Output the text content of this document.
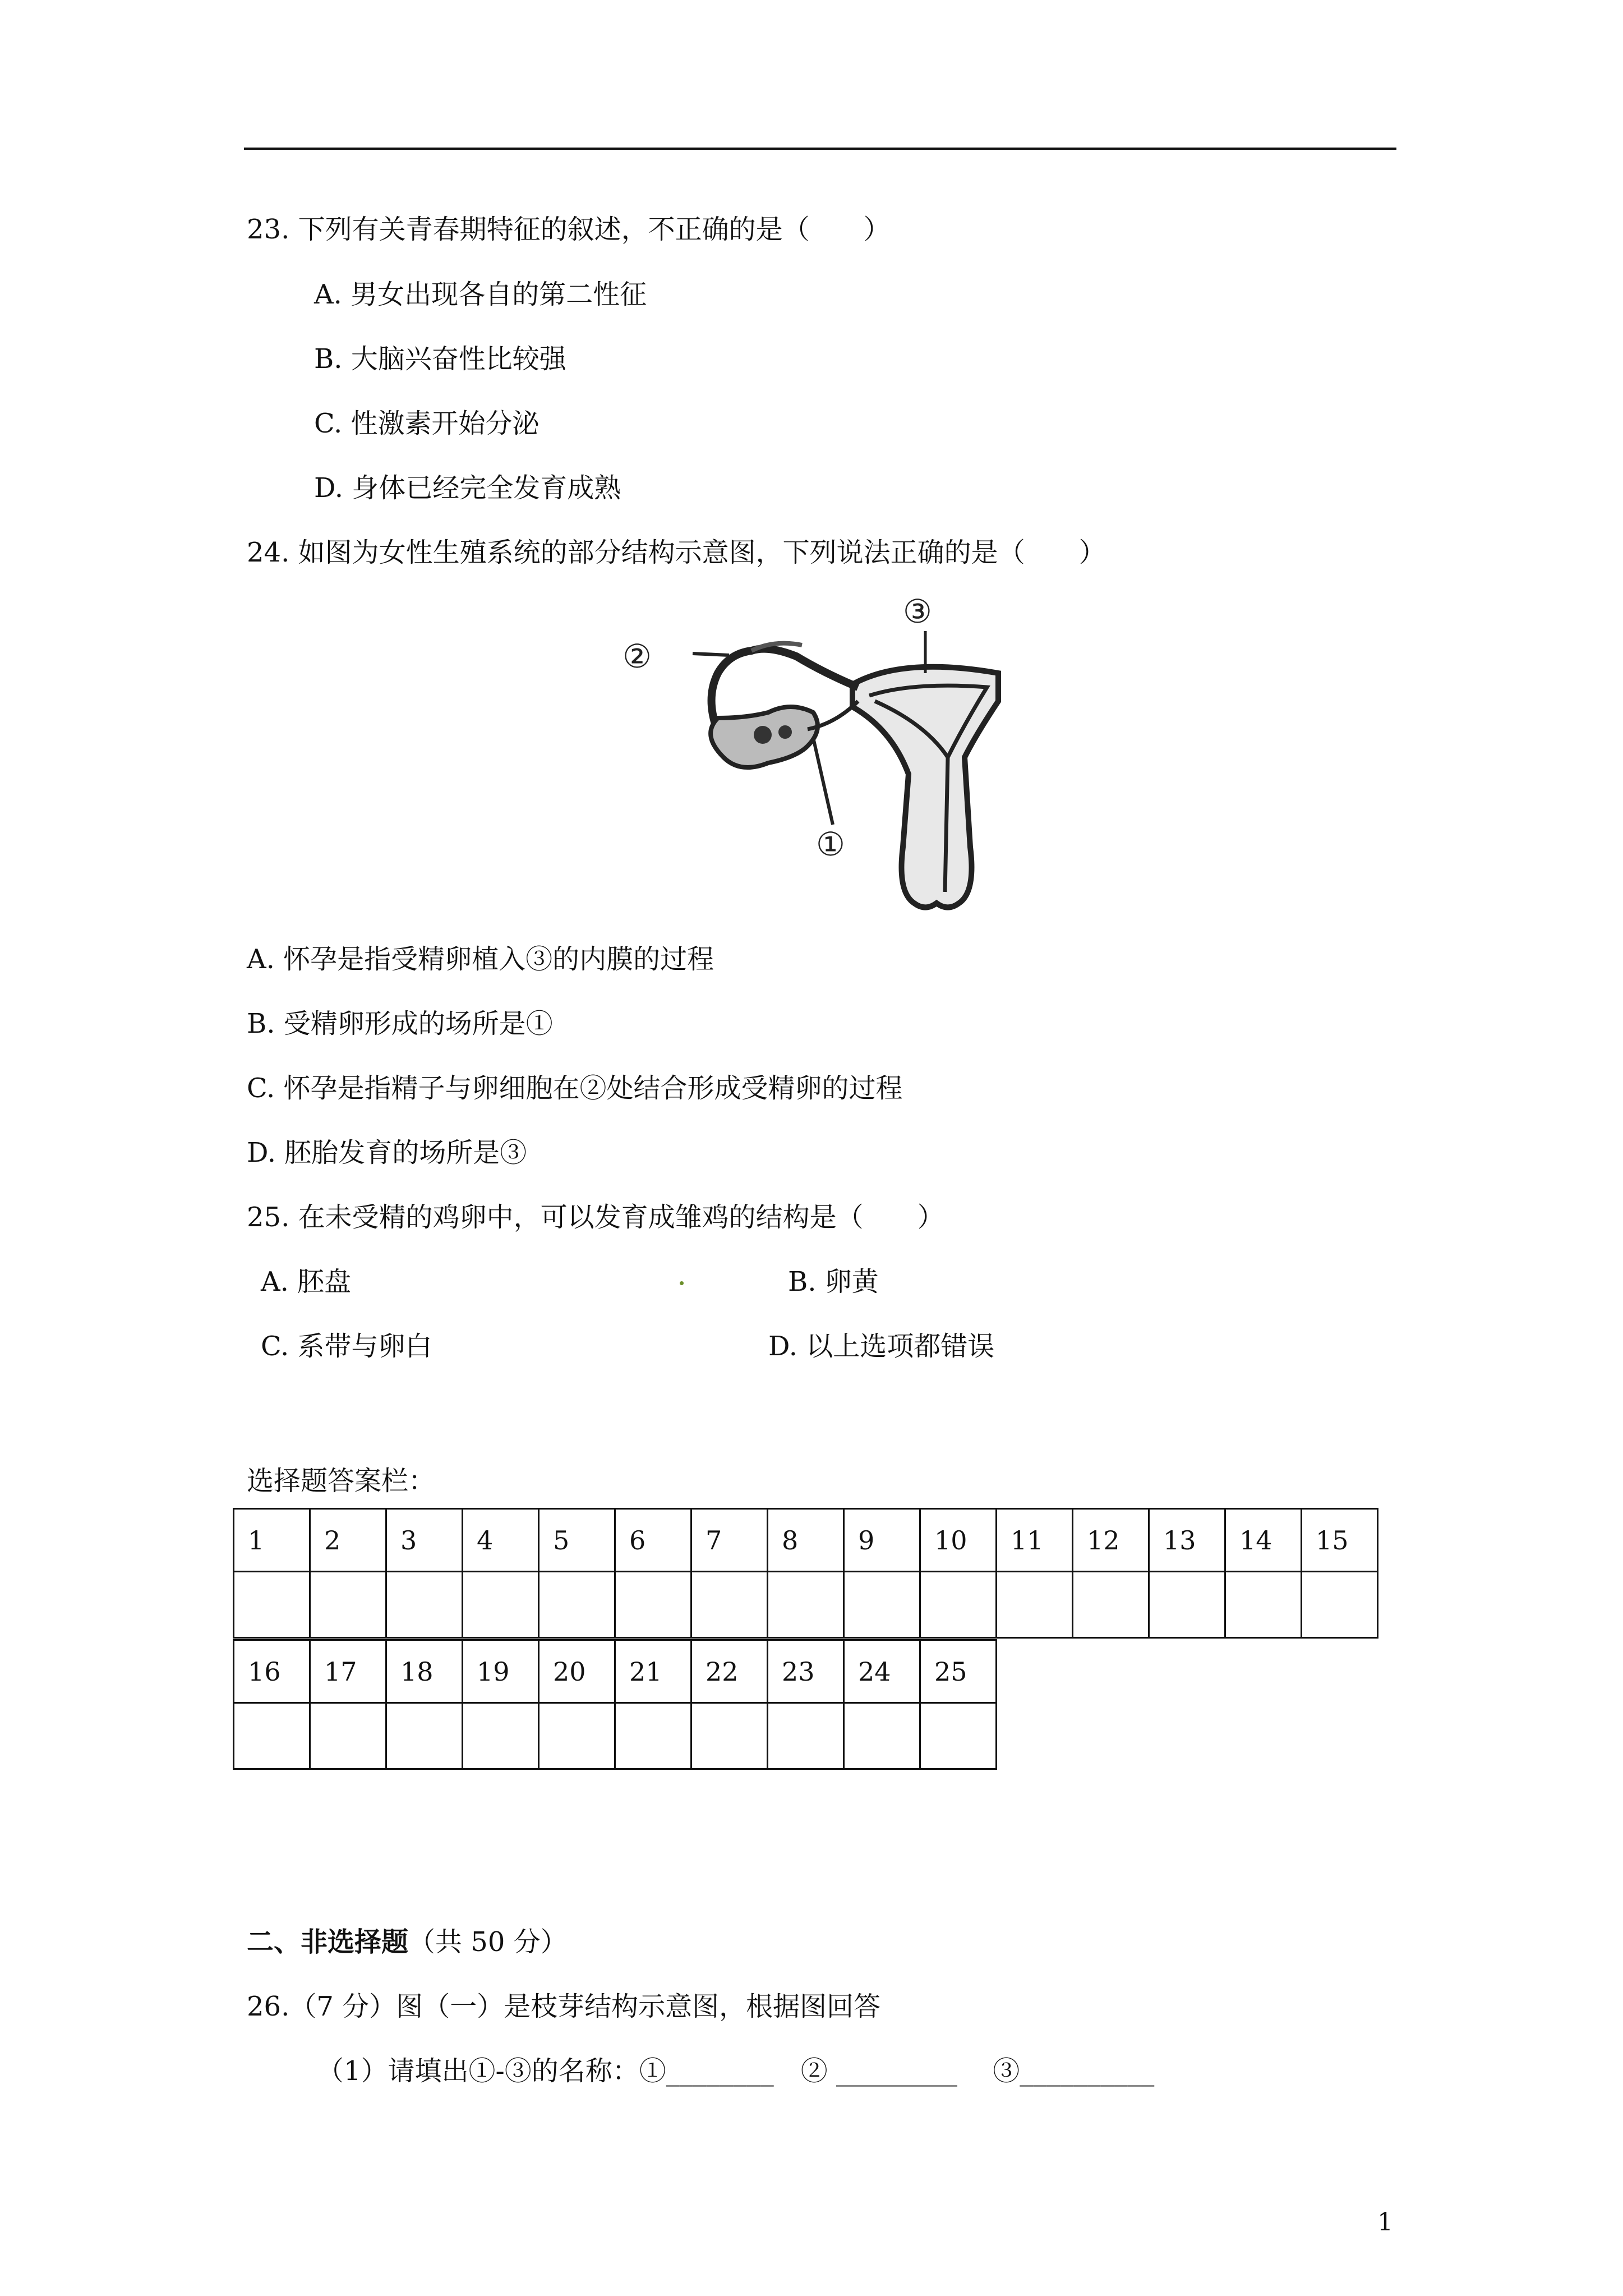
23. 下列有关青春期特征的叙述，不正确的是（　　）
A. 男女出现各自的第二性征
B. 大脑兴奋性比较强
C. 性激素开始分泌
D. 身体已经完全发育成熟
24. 如图为女性生殖系统的部分结构示意图，下列说法正确的是（　　）
②
③
①
A. 怀孕是指受精卵植入③的内膜的过程
B. 受精卵形成的场所是①
C. 怀孕是指精子与卵细胞在②处结合形成受精卵的过程
D. 胚胎发育的场所是③
25. 在未受精的鸡卵中，可以发育成雏鸡的结构是（　　）
A. 胚盘	B. 卵黄
C. 系带与卵白	D. 以上选项都错误
选择题答案栏：
1	2	3	4	5	6	7	8	9	10	11	12	13	14	15

16	17	18	19	20	21	22	23	24	25

二、非选择题（共 50 分）
26.（7 分）图（一）是枝芽结构示意图，根据图回答
（1）请填出①-③的名称：①________　② _________　 ③__________
1
